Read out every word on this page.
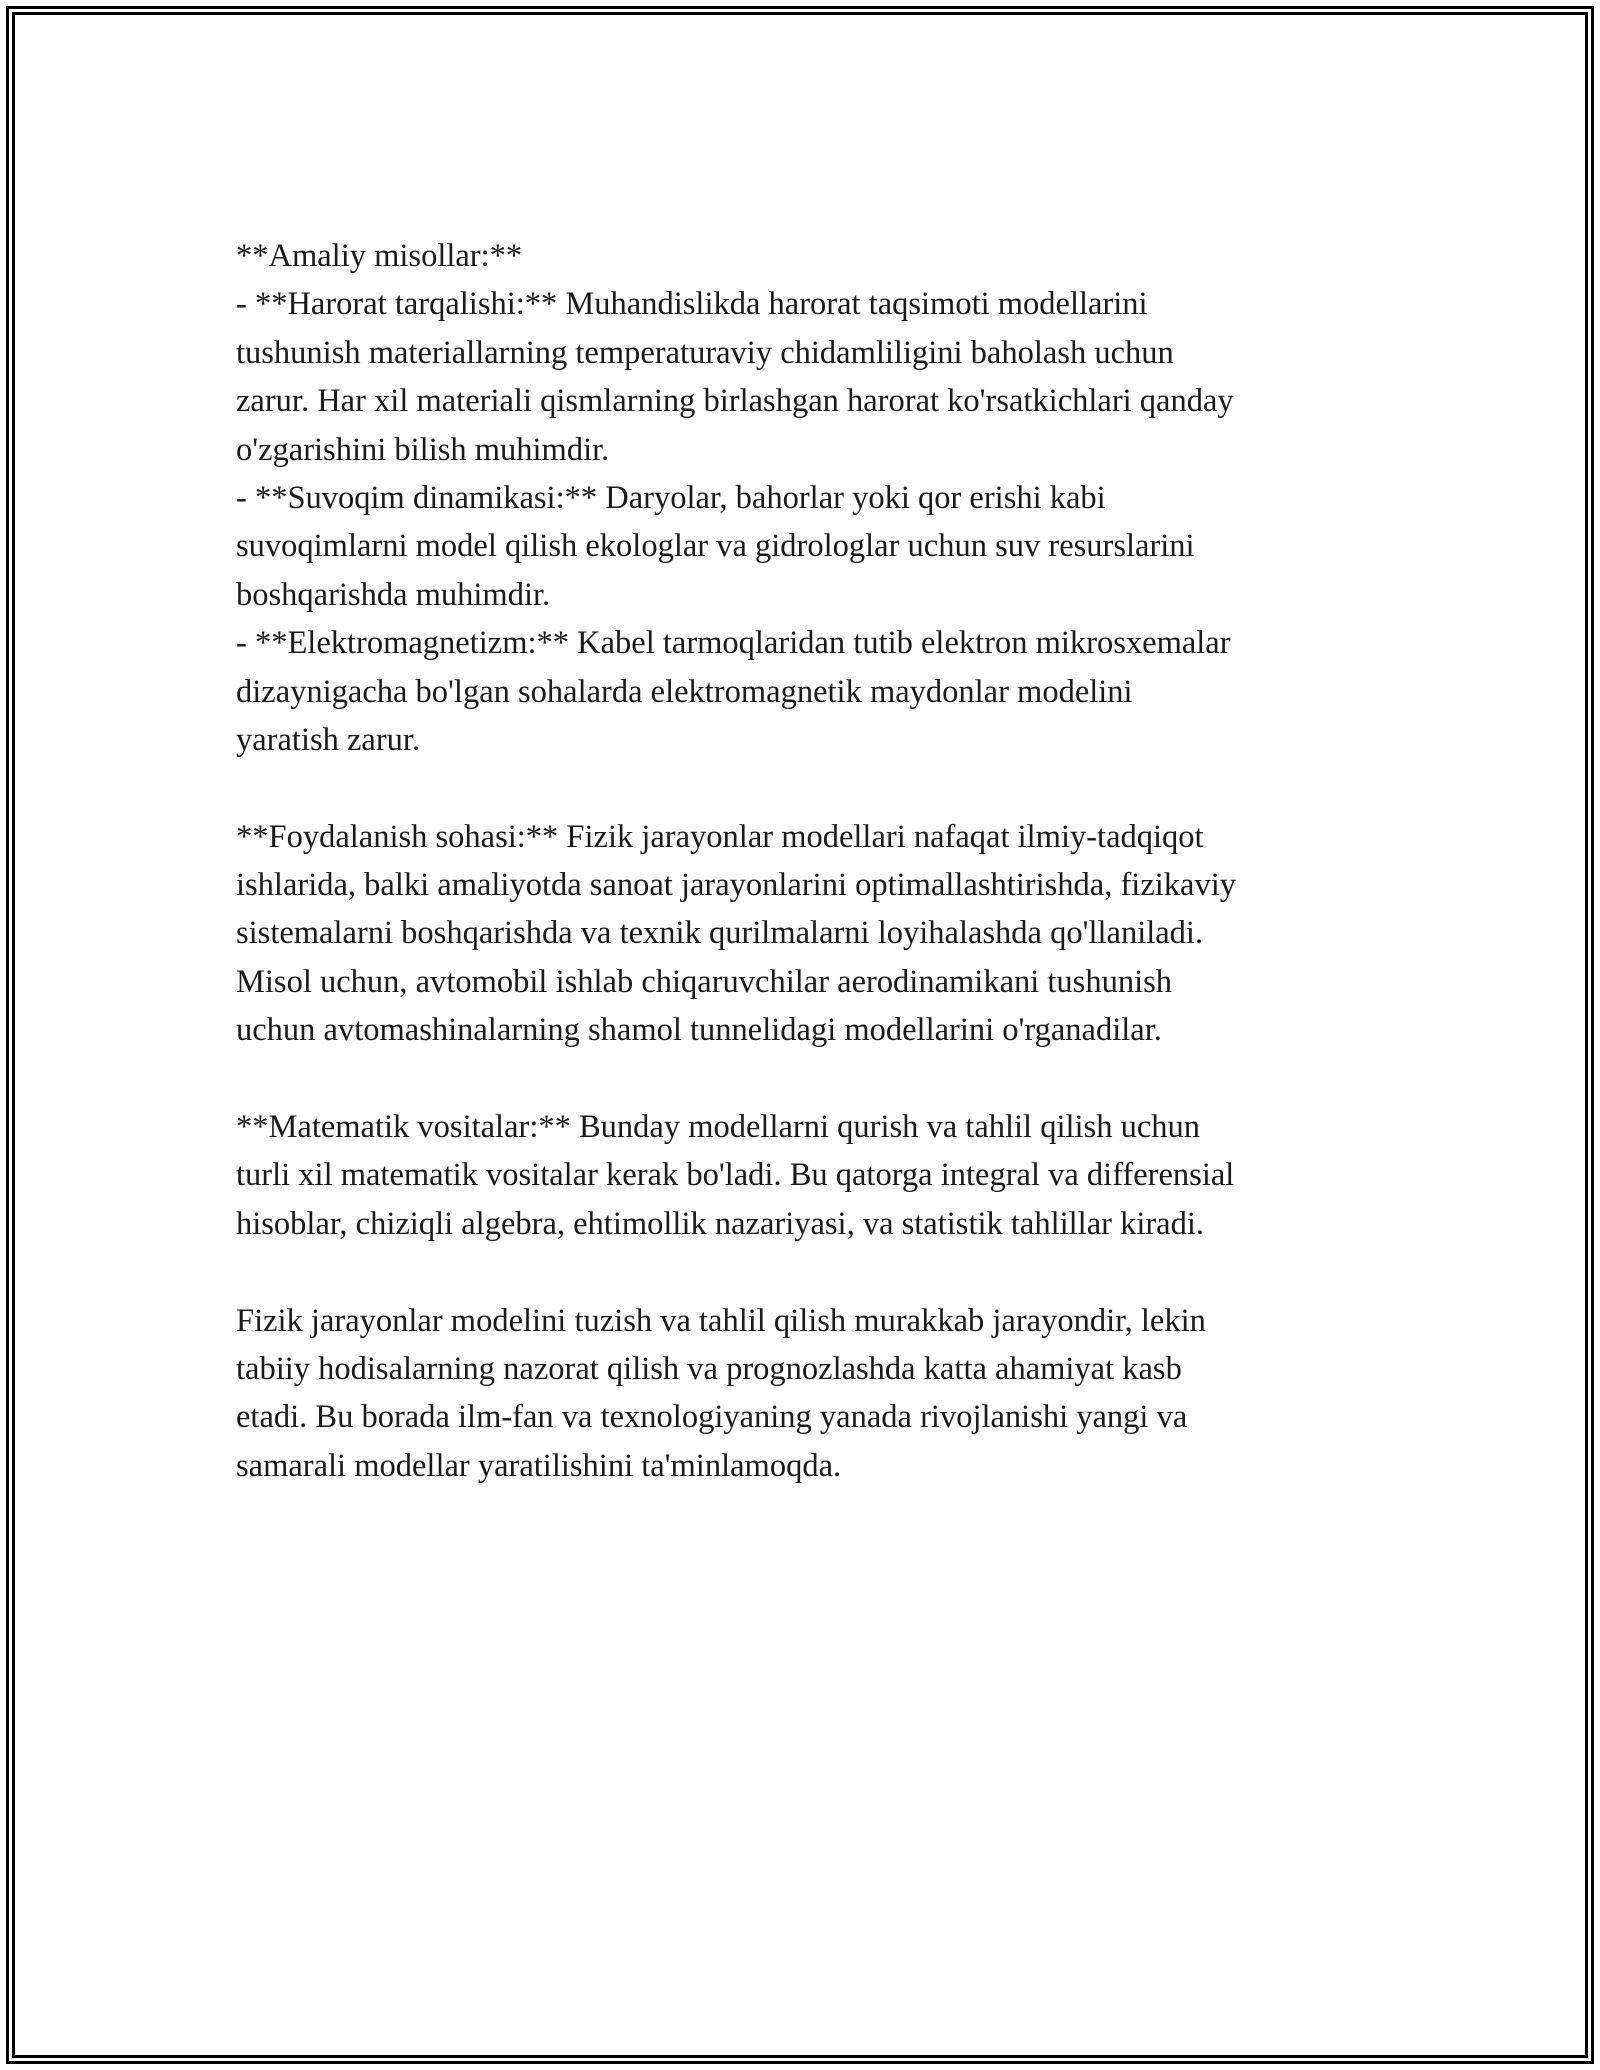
**Amaliy misollar:**
- **Harorat tarqalishi:** Muhandislikda harorat taqsimoti modellarini
tushunish materiallarning temperaturaviy chidamliligini baholash uchun
zarur. Har xil materiali qismlarning birlashgan harorat ko'rsatkichlari qanday
o'zgarishini bilish muhimdir.
- **Suvoqim dinamikasi:** Daryolar, bahorlar yoki qor erishi kabi
suvoqimlarni model qilish ekologlar va gidrologlar uchun suv resurslarini
boshqarishda muhimdir.
- **Elektromagnetizm:** Kabel tarmoqlaridan tutib elektron mikrosxemalar
dizaynigacha bo'lgan sohalarda elektromagnetik maydonlar modelini
yaratish zarur.
**Foydalanish sohasi:** Fizik jarayonlar modellari nafaqat ilmiy-tadqiqot
ishlarida, balki amaliyotda sanoat jarayonlarini optimallashtirishda, fizikaviy
sistemalarni boshqarishda va texnik qurilmalarni loyihalashda qo'llaniladi.
Misol uchun, avtomobil ishlab chiqaruvchilar aerodinamikani tushunish
uchun avtomashinalarning shamol tunnelidagi modellarini o'rganadilar.
**Matematik vositalar:** Bunday modellarni qurish va tahlil qilish uchun
turli xil matematik vositalar kerak bo'ladi. Bu qatorga integral va differensial
hisoblar, chiziqli algebra, ehtimollik nazariyasi, va statistik tahlillar kiradi.
Fizik jarayonlar modelini tuzish va tahlil qilish murakkab jarayondir, lekin
tabiiy hodisalarning nazorat qilish va prognozlashda katta ahamiyat kasb
etadi. Bu borada ilm-fan va texnologiyaning yanada rivojlanishi yangi va
samarali modellar yaratilishini ta'minlamoqda.
